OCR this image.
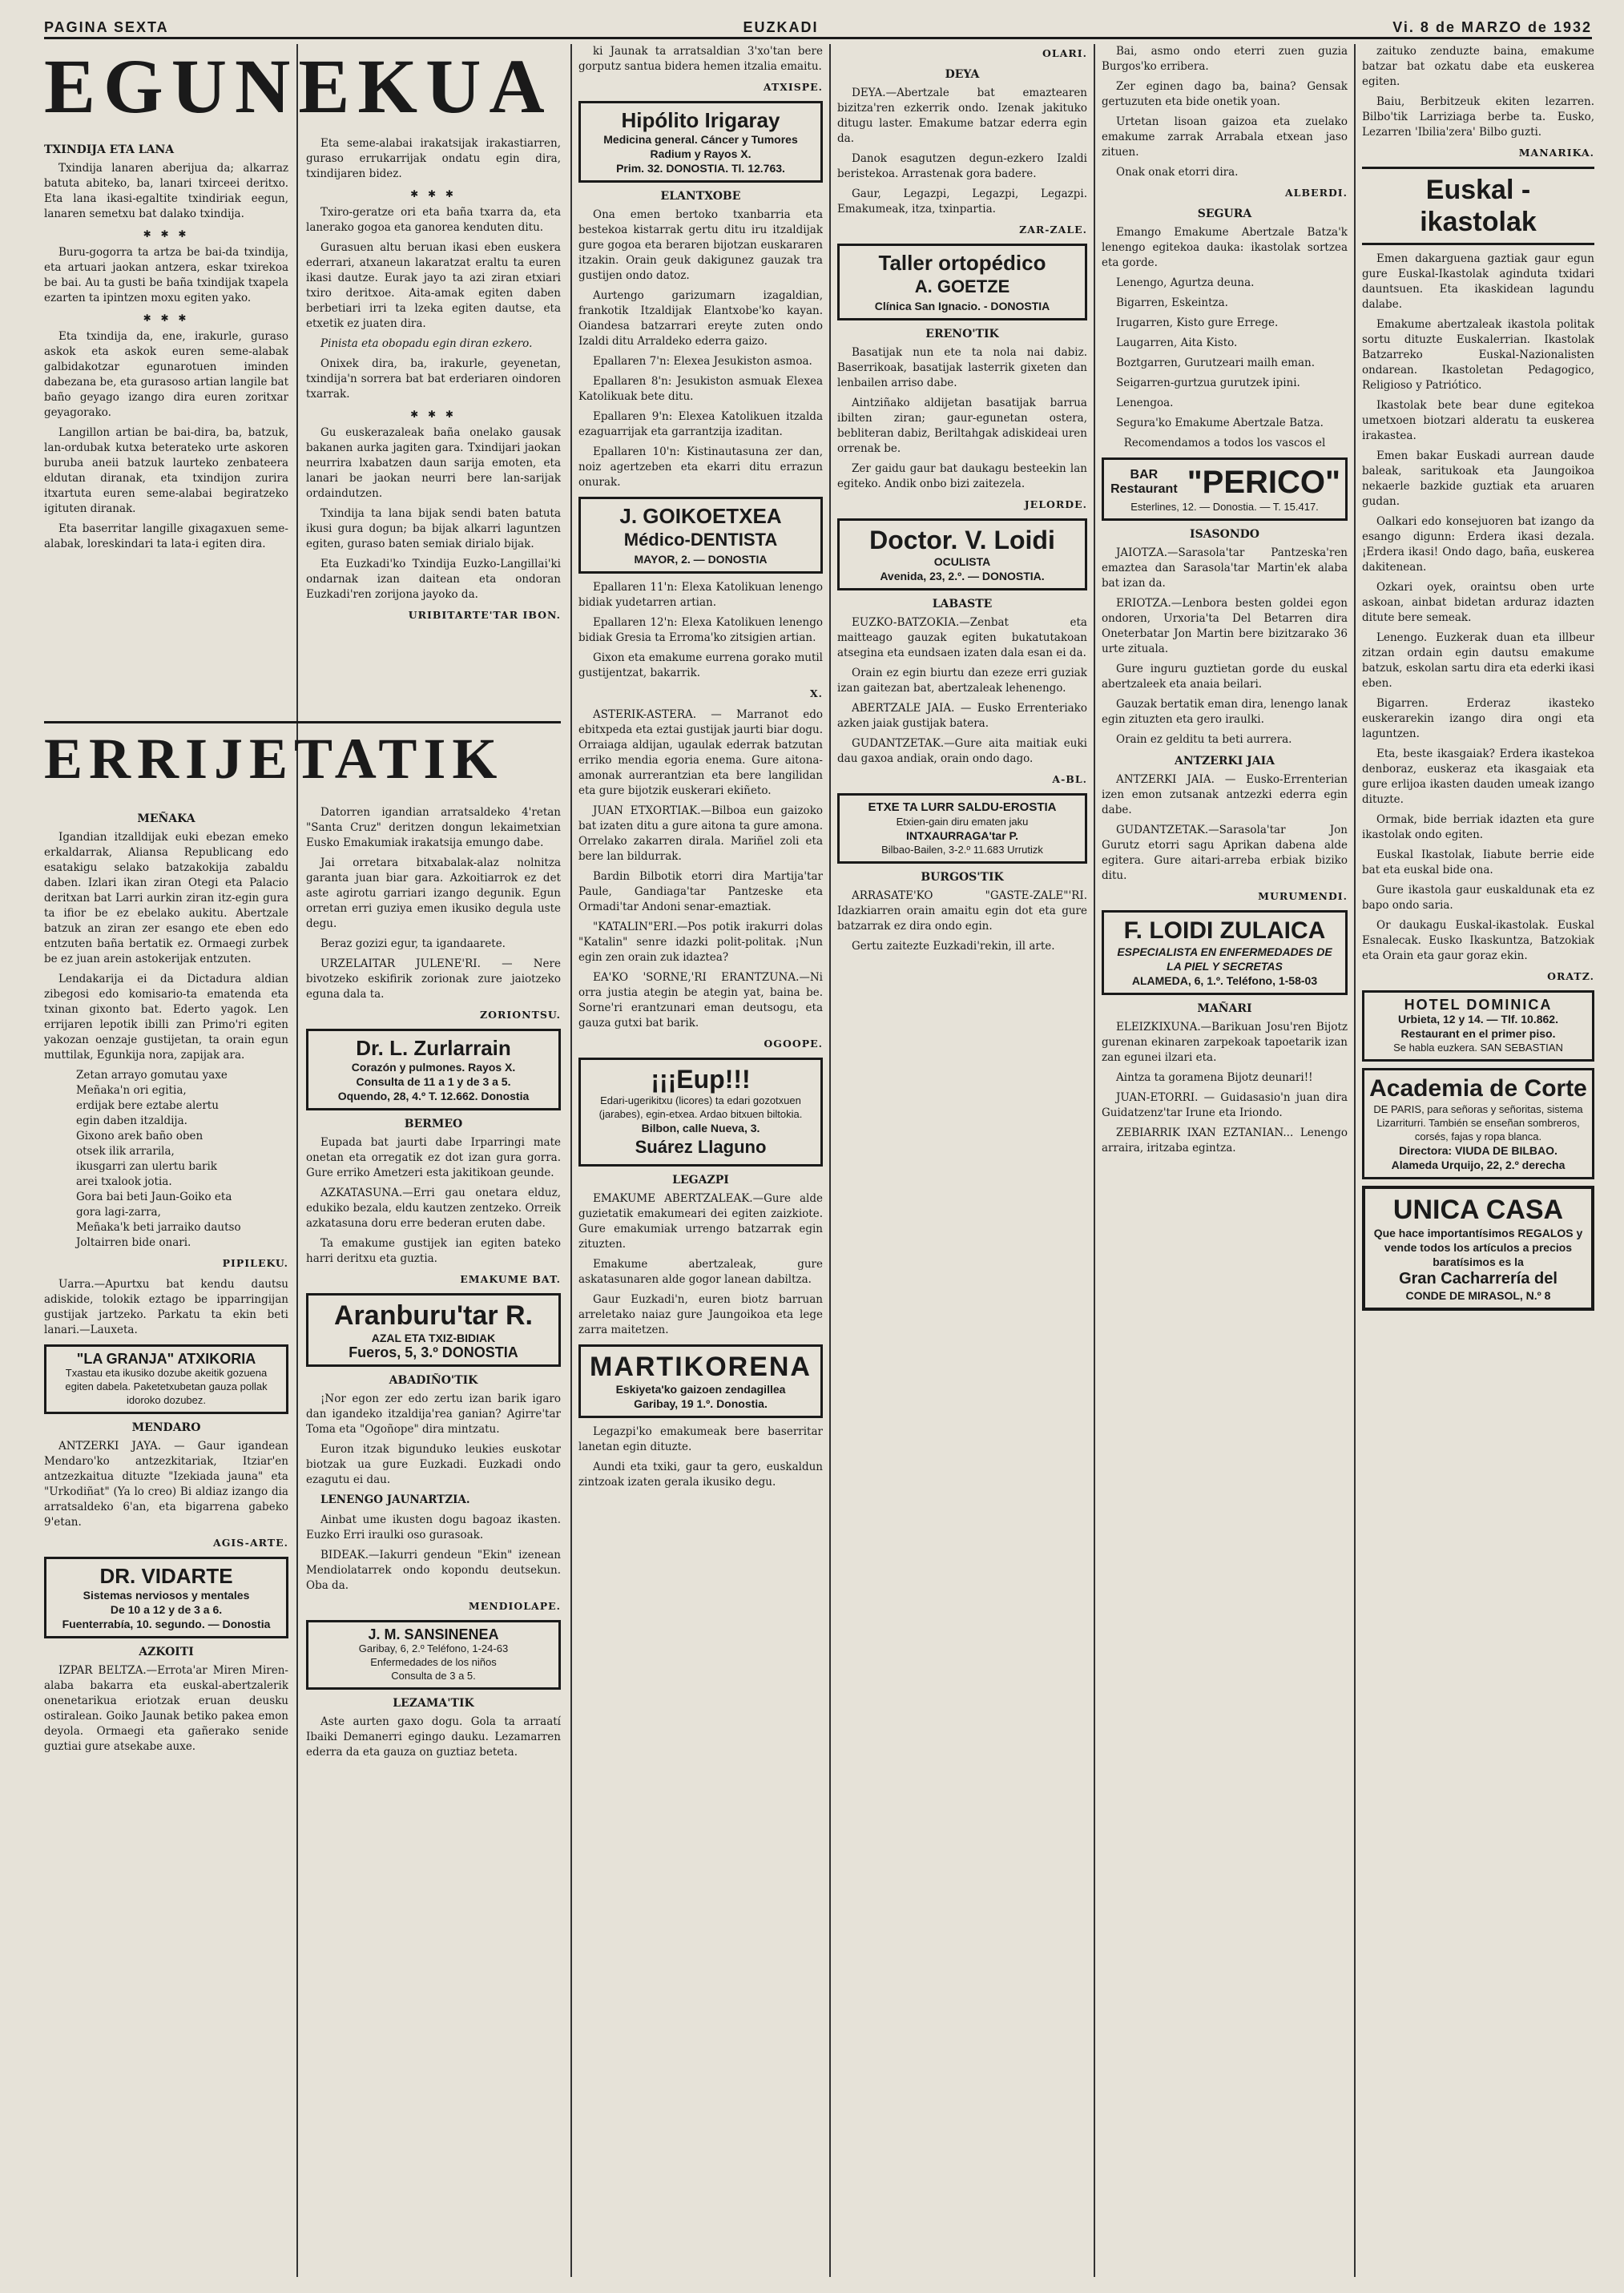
PAGINA SEXTA	EUZKADI	Vi. 8 de MARZO de 1932
EGUNEKUA
TXINDIJA ETA LANA

Txindija lanaren aberijua da; alkarraz batuta abiteko, ba, lanari txirceei deritxo. Eta lana ikasi-egaltite txindiriak eegun, lanaren semetxu bat dalako txindija.

✱ ✱ ✱

Buru-gogorra ta artza be bai-da txindija, eta artuari jaokan antzera, eskar txirekoa be bai. Au ta gusti be baña txindijak txapela ezarten ta ipintzen moxu egiten yako.

✱ ✱ ✱

Eta txindija da, ene, irakurle, guraso askok eta askok euren seme-alabak galbidakotzar egunarotuen iminden dabezana be, eta gurasoso artian langile bat baño geyago izango dira euren zoritxar geyagorako.

Langillon artian be bai-dira, ba, batzuk, lan-ordubak kutxa beterateko urte askoren buruba aneii batzuk laurteko zenbateera eldutan diranak, eta txindijon zurira itxartuta euren seme-alabai begiratzeko igituten diranak.

Eta baserritar langille gixagaxuen seme-alabak, loreskindari ta lata-i egiten dira.

Eta seme-alabai irakatsijak irakastiarren, guraso errukarrijak ondatu egin dira, txindijaren bidez.

✱ ✱ ✱

Txiro-geratze ori eta baña txarra da, eta lanerako gogoa eta ganorea kenduten ditu.

Gurasuen altu beruan ikasi eben euskera ederrari, atxaneun lakaratzat eraltu ta euren ikasi dautze. Eurak jayo ta azi ziran etxiari txiro deritxoe. Aita-amak egiten daben berbetiari irri ta lzeka egiten dautse, eta etxetik ez juaten dira.

Pinista eta obopadu egin diran ezkero.

Onixek dira, ba, irakurle, geyenetan, txindija'n sorrera bat bat erderiaren oindoren txarrak.

✱ ✱ ✱

Gu euskerazaleak baña onelako gausak bakanen aurka jagiten gara. Txindijari jaokan neurrira lxabatzen daun sarija emoten, eta lanari be jaokan neurri bere lan-sarijak ordaindutzen.

Txindija ta lana bijak sendi baten batuta ikusi gura dogun; ba bijak alkarri laguntzen egiten, guraso baten semiak dirialo bijak.

Eta Euzkadi'ko Txindija Euzko-Langillai'ki ondarnak izan daitean eta ondoran Euzkadi'ren zorijona jayoko da.

URIBITARTE'TAR IBON.
ERRIJETATIK
MEÑAKA

Igandian itzalldijak euki ebezan emeko erkaldarrak, Aliansa Republicang edo esatakigu selako batzakokija zabaldu daben. Izlari ikan ziran Otegi eta Palacio deritxan bat Larri aurkin ziran itz-egin gura ta ifior be ez ebelako aukitu. Abertzale batzuk an ziran zer esango ete eben edo entzuten baña bertatik ez. Ormaegi zurbek be ez juan arein astokerijak entzuten.

Lendakarija ei da Dictadura aldian zibegosi edo komisario-ta ematenda eta txinan gixonto bat. Ederto yagok. Len errijaren lepotik ibilli zan Primo'ri egiten yakozan oenzaje gustijetan, ta orain egun muttilak, Egunkija nora, zapijak ara.

Zetan arrayo gomutau yaxe
Meñaka'n ori egitia,
erdijak bere eztabe alertu
egin daben itzaldija.
Gixono arek baño oben
otsek ilik arrarila,
ikusgarri zan ulertu barik
arei txalook jotia.
Gora bai beti Jaun-Goiko eta
gora lagi-zarra,
Meñaka'k beti jarraiko dautso
Joltairren bide onari.

PIPILEKU.

Uarra.—Apurtxu bat kendu dautsu adiskide, tolokik eztago be ipparringijan gustijak jartzeko. Parkatu ta ekin beti lanari.—Lauxeta.

"LA GRANJA" ATXIKORIA
Txastau eta ikusiko dozube akeitik gozuena egiten dabela. Paketetxubetan gauza pollak idoroko dozubez.
MENDARO

ANTZERKI JAYA. — Gaur igandean Mendaro'ko antzezkitariak, Itziar'en antzezkaitua dituzte "Izekiada jauna" eta "Urkodiñat" (Ya lo creo) Bi aldiaz izango dia arratsaldeko 6'an, eta bigarrena gabeko 9'etan.

AGIS-ARTE.
DR. VIDARTE
Sistemas nerviosos y mentales
De 10 a 12 y de 3 a 6.
Fuenterrabía, 10. segundo. — Donostia
AZKOITI

IZPAR BELTZA.—Errota'ar Miren Miren-alaba bakarra eta euskal-abertzalerik onenetarikua eriotzak eruan deusku ostiralean. Goiko Jaunak betiko pakea emon deyola. Ormaegi eta gañerako senide guztiai gure atsekabe auxe.

Datorren igandian arratsaldeko 4'retan "Santa Cruz" deritzen dongun lekaimetxian Eusko Emakumiak irakatsija emungo dabe.

Jai orretara bitxabalak-alaz nolnitza garanta juan biar gara. Azkoitiarrok ez det aste agirotu garriari izango degunik. Egun orretan erri guziya emen ikusiko degula uste degu.

Beraz gozizi egur, ta igandaarete.

URZELAITAR JULENE'RI. — Nere bivotzeko eskifirik zorionak zure jaiotzeko eguna dala ta.

ZORIONTSU.
Dr. L. Zurlarrain
Corazón y pulmones. Rayos X.
Consulta de 11 a 1 y de 3 a 5.
Oquendo, 28, 4.º T. 12.662. Donostia
BERMEO

Eupada bat jaurti dabe Irparringi mate onetan eta orregatik ez dot izan gura gorra. Gure erriko Ametzeri esta jakitikoan geunde.

AZKATASUNA.—Erri gau onetara elduz, edukiko bezala, eldu kautzen zentzeko. Orreik azkatasuna doru erre bederan eruten dabe.

Ta emakume gustijek ian egiten bateko harri deritxu eta guztia.

EMAKUME BAT.
Aranburu'tar R.
AZAL ETA TXIZ-BIDIAK
Fueros, 5, 3.º DONOSTIA
ABADIÑO'TIK

¡Nor egon zer edo zertu izan barik igaro dan igandeko itzaldija'rea ganian? Agirre'tar Toma eta "Ogoñope" dira mintzatu.

Euron itzak bigunduko leukies euskotar biotzak ua gure Euzkadi. Euzkadi ondo ezagutu ei dau.

LENENGO JAUNARTZIA.

Ainbat ume ikusten dogu bagoaz ikasten. Euzko Erri iraulki oso gurasoak.

BIDEAK.—Iakurri gendeun "Ekin" izenean Mendiolatarrek ondo kopondu deutsekun. Oba da.

MENDIOLAPE.
J. M. SANSINENEA
Garibay, 6, 2.º Teléfono, 1-24-63
Enfermedades de los niños
Consulta de 3 a 5.
LEZAMA'TIK

Aste aurten gaxo dogu. Gola ta arraatí Ibaiki Demanerri egingo dauku. Lezamarren ederra da eta gauza on guztiaz beteta.

ki Jaunak ta arratsaldian 3'xo'tan bere gorputz santua bidera hemen itzalia emaitu.

ATXISPE.
Hipólito Irigaray
Medicina general. Cáncer y Tumores
Radium y Rayos X.
Prim. 32. DONOSTIA. Tl. 12.763.
ELANTXOBE

Ona emen bertoko txanbarria eta bestekoa kistarrak gertu ditu iru itzaldijak gure gogoa eta beraren bijotzan euskararen itzakin. Orain geuk dakigunez gauzak tra gustijen ondo datoz.

Aurtengo garizumarn izagaldian, frankotik Itzaldijak Elantxobe'ko kayan. Oiandesa batzarrari ereyte zuten ondo Izaldi ditu Arraldeko ederra gaizo.

Epallaren 7'n: Elexea Jesukiston asmoa.

Epallaren 8'n: Jesukiston asmuak Elexea Katolikuak bete ditu.

Epallaren 9'n: Elexea Katolikuen itzalda ezaguarrijak eta garrantzija izaditan.

Epallaren 10'n: Kistinautasuna zer dan, noiz agertzeben eta ekarri ditu errazun onurak.

J. GOIKOETXEA
Médico-DENTISTA
MAYOR, 2. — DONOSTIA

Epallaren 11'n: Elexa Katolikuan lenengo bidiak yudetarren artian.

Epallaren 12'n: Elexa Katolikuen lenengo bidiak Gresia ta Erroma'ko zitsigien artian.

Gixon eta emakume eurrena gorako mutil gustijentzat, bakarrik.

X.

ASTERIK-ASTERA. — Marranot edo ebitxpeda eta eztai gustijak jaurti biar dogu. Orraiaga aldijan, ugaulak ederrak batzutan erriko mendia egoria enema. Gure aitona-amonak aurrerantzian eta bere langilidan eta gure bijotzik euskerari ekiñeto.

JUAN ETXORTIAK.—Bilboa eun gaizoko bat izaten ditu a gure aitona ta gure amona. Orrelako zakarren dirala. Mariñel zoli eta bere lan bildurrak.

Bardin Bilbotik etorri dira Martija'tar Paule, Gandiaga'tar Pantzeske eta Ormadi'tar Andoni senar-emaztiak.

"KATALIN"ERI.—Pos potik irakurri dolas "Katalin" senre idazki polit-politak. ¡Nun egin zen orain zuk idaztea?

EA'KO 'SORNE,'RI ERANTZUNA.—Ni orra justia ategin be ategin yat, baina be. Sorne'ri erantzunari eman deutsogu, eta gauza gutxi bat barik.

OGOOPE.
¡¡¡Eup!!!
Edari-ugerikitxu (licores) ta edari gozotxuen (jarabes), egin-etxea. Ardao bitxuen biltokia.
Bilbon, calle Nueva, 3.
Suárez Llaguno
LEGAZPI

EMAKUME ABERTZALEAK.—Gure alde guzietatik emakumeari dei egiten zaizkiote. Gure emakumiak urrengo batzarrak egin zituzten.

Emakume abertzaleak, gure askatasunaren alde gogor lanean dabiltza.

Gaur Euzkadi'n, euren biotz barruan arreletako naiaz gure Jaungoikoa eta lege zarra maitetzen.

MARTIKORENA
Eskiyeta'ko gaizoen zendagillea
Garibay, 19 1.º. Donostia.

Legazpi'ko emakumeak bere baserritar lanetan egin dituzte.

Aundi eta txiki, gaur ta gero, euskaldun zintzoak izaten gerala ikusiko degu.

OLARI.
DEYA

DEYA.—Abertzale bat emaztearen bizitza'ren ezkerrik ondo. Izenak jakituko ditugu laster. Emakume batzar ederra egin da.

Danok esagutzen degun-ezkero Izaldi beristekoa. Arrastenak gora badere.

Gaur, Legazpi, Legazpi, Legazpi. Emakumeak, itza, txinpartia.

ZAR-ZALE.
Taller ortopédico
A. GOETZE
Clínica San Ignacio. - DONOSTIA
ERENO'TIK

Basatijak nun ete ta nola nai dabiz. Baserrikoak, basatijak lasterrik gixeten dan lenbailen arriso dabe.

Aintziñako aldijetan basatijak barrua ibilten ziran; gaur-egunetan ostera, bebliteran dabiz, Beriltahgak adiskideai uren orrenak be.

Zer gaidu gaur bat daukagu besteekin lan egiteko. Andik onbo bizi zaitezela.

JELORDE.
Doctor. V. Loidi
OCULISTA
Avenida, 23, 2.º. — DONOSTIA.
LABASTE

EUZKO-BATZOKIA.—Zenbat eta maitteago gauzak egiten bukatutakoan atsegina eta eundsaen izaten dala esan ei da.

Orain ez egin biurtu dan ezeze erri guziak izan gaitezan bat, abertzaleak lehenengo.

ABERTZALE JAIA. — Eusko Errenteriako azken jaiak gustijak batera.

GUDANTZETAK.—Gure aita maitiak euki dau gaxoa andiak, orain ondo dago.

A-BL.
ETXE TA LURR SALDU-EROSTIA
Etxien-gain diru ematen jaku
INTXAURRAGA'tar P.
Bilbao-Bailen, 3-2.º 11.683 Urrutizk
BURGOS'TIK

ARRASATE'KO "GASTE-ZALE"'RI. Idazkiarren orain amaitu egin dot eta gure batzarrak ez dira ondo egin.

Gertu zaitezte Euzkadi'rekin, ill arte.

Bai, asmo ondo eterri zuen guzia Burgos'ko erribera.

Zer eginen dago ba, baina? Gensak gertuzuten eta bide onetik yoan.

Urtetan lisoan gaizoa eta zuelako emakume zarrak Arrabala etxean jaso zituen.

Onak onak etorri dira.

ALBERDI.
SEGURA

Emango Emakume Abertzale Batza'k lenengo egitekoa dauka: ikastolak sortzea eta gorde.

Lenengo, Agurtza deuna.

Bigarren, Eskeintza.

Irugarren, Kisto gure Errege.

Laugarren, Aita Kisto.

Boztgarren, Gurutzeari mailh eman.

Seigarren-gurtzua gurutzek ipini.

Lenengoa.

Segura'ko Emakume Abertzale Batza.

Recomendamos a todos los vascos el

BAR Restaurant "PERICO"
Esterlines, 12. — Donostia. — T. 15.417.
ISASONDO

JAIOTZA.—Sarasola'tar Pantzeska'ren emaztea dan Sarasola'tar Martin'ek alaba bat izan da.

ERIOTZA.—Lenbora besten goldei egon ondoren, Urxoria'ta Del Betarren dira Oneterbatar Jon Martin bere bizitzarako 36 urte zituala.

Gure inguru guztietan gorde du euskal abertzaleek eta anaia beilari.

Gauzak bertatik eman dira, lenengo lanak egin zituzten eta gero iraulki.

Orain ez gelditu ta beti aurrera.

ANTZERKI JAIA

ANTZERKI JAIA. — Eusko-Errenterian izen emon zutsanak antzezki ederra egin dabe.

GUDANTZETAK.—Sarasola'tar Jon Gurutz etorri sagu Aprikan dabena alde egitera. Gure aitari-arreba erbiak biziko ditu.

MURUMENDI.
F. LOIDI ZULAICA
ESPECIALISTA EN ENFERMEDADES DE LA PIEL Y SECRETAS
ALAMEDA, 6, 1.º. Teléfono, 1-58-03
MAÑARI

ELEIZKIXUNA.—Barikuan Josu'ren Bijotz gurenan ekinaren zarpekoak tapoetarik izan zan egunei ilzari eta.

Aintza ta goramena Bijotz deunari!!

JUAN-ETORRI. — Guidasasio'n juan dira Guidatzenz'tar Irune eta Iriondo.

ZEBIARRIK IXAN EZTANIAN... Lenengo arraira, iritzaba egintza.

zaituko zenduzte baina, emakume batzar bat ozkatu dabe eta euskerea egiten.

Baiu, Berbitzeuk ekiten lezarren. Bilbo'tik Larriziaga berbe ta. Eusko, Lezarren 'Ibilia'zera' Bilbo guzti.

MANARIKA.
Euskal - ikastolak

Emen dakarguena gaztiak gaur egun gure Euskal-Ikastolak aginduta txidari dauntsuen. Eta ikaskidean lagundu dalabe.

Emakume abertzaleak ikastola politak sortu dituzte Euskalerrian. Ikastolak Batzarreko Euskal-Nazionalisten ondarean. Ikastoletan Pedagogico, Religioso y Patriótico.

Ikastolak bete bear dune egitekoa umetxoen biotzari alderatu ta euskerea irakastea.

Emen bakar Euskadi aurrean daude baleak, saritukoak eta Jaungoikoa nekaerle bazkide guztiak eta aruaren gudan.

Oalkari edo konsejuoren bat izango da esango digunn: Erdera ikasi dezala. ¡Erdera ikasi! Ondo dago, baña, euskerea dakitenean.

Ozkari oyek, oraintsu oben urte askoan, ainbat bidetan arduraz idazten ditute bere semeak.

Lenengo. Euzkerak duan eta illbeur zitzan ordain egin dautsu emakume batzuk, eskolan sartu dira eta ederki ikasi eben.

Bigarren. Erderaz ikasteko euskerarekin izango dira ongi eta laguntzen.

Eta, beste ikasgaiak? Erdera ikastekoa denboraz, euskeraz eta ikasgaiak eta gure erlijoa ikasten dauden umeak izango dituzte.

Ormak, bide berriak idazten eta gure ikastolak ondo egiten.

Euskal Ikastolak, Iiabute berrie eide bat eta euskal bide ona.

Gure ikastola gaur euskaldunak eta ez bapo ondo saria.

Or daukagu Euskal-ikastolak. Euskal Esnalecak. Eusko Ikaskuntza, Batzokiak eta Orain eta gaur goraz ekin.

ORATZ.
HOTEL DOMINICA
Urbieta, 12 y 14. — Tlf. 10.862.
Restaurant en el primer piso.
Se habla euzkera. SAN SEBASTIAN
Academia de Corte
DE PARIS, para señoras y señoritas, sistema Lizarriturri. También se enseñan sombreros, corsés, fajas y ropa blanca.
Directora: VIUDA DE BILBAO.
Alameda Urquijo, 22, 2.º derecha
UNICA CASA
Que hace importantísimos REGALOS y vende todos los artículos a precios baratísimos es la
Gran Cacharrería del
CONDE DE MIRASOL, N.º 8
